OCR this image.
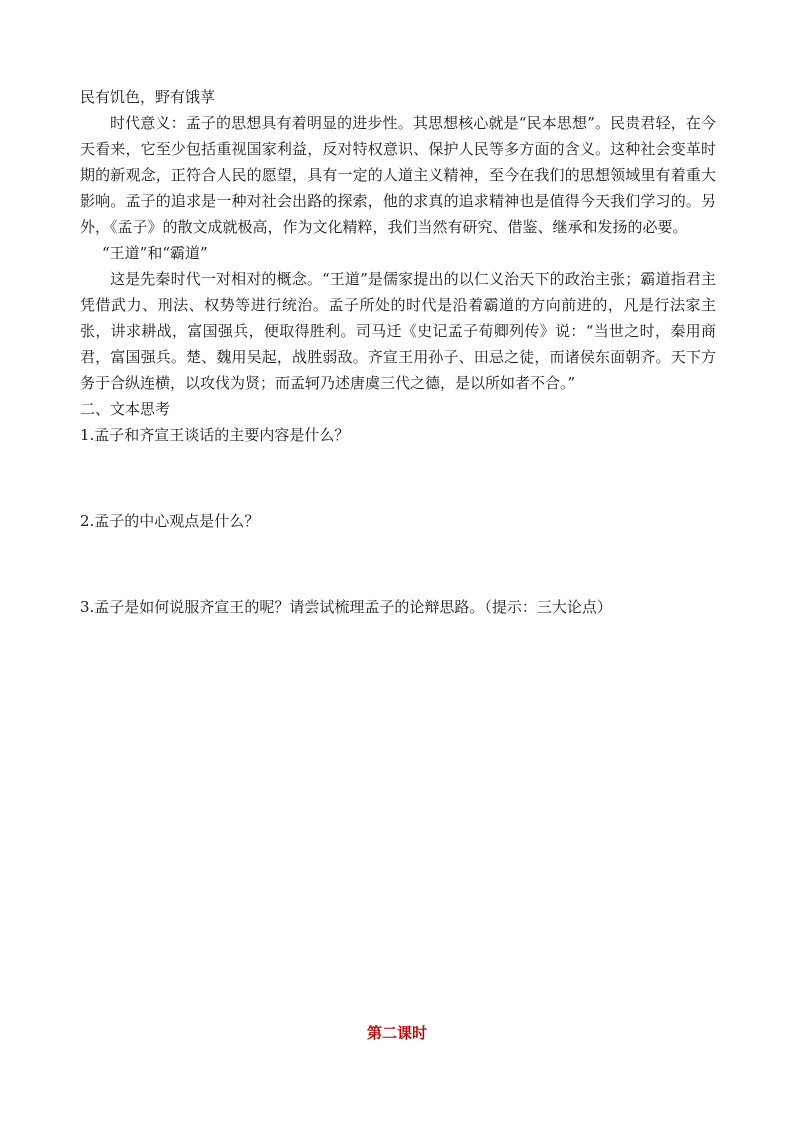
民有饥色，野有饿莩

时代意义：孟子的思想具有着明显的进步性。其思想核心就是“民本思想”。民贵君轻，在今天看来，它至少包括重视国家利益，反对特权意识、保护人民等多方面的含义。这种社会变革时期的新观念，正符合人民的愿望，具有一定的人道主义精神，至今在我们的思想领域里有着重大影响。孟子的追求是一种对社会出路的探索，他的求真的追求精神也是值得今天我们学习的。另外，《孟子》的散文成就极高，作为文化精粹，我们当然有研究、借鉴、继承和发扬的必要。

“王道”和“霸道”

这是先秦时代一对相对的概念。“王道”是儒家提出的以仁义治天下的政治主张；霸道指君主凭借武力、刑法、权势等进行统治。孟子所处的时代是沿着霸道的方向前进的，凡是行法家主张，讲求耕战，富国强兵，便取得胜利。司马迁《史记孟子荀卿列传》说：“当世之时，秦用商君，富国强兵。楚、魏用吴起，战胜弱敌。齐宣王用孙子、田忌之徒，而诸侯东面朝齐。天下方务于合纵连横，以攻伐为贤；而孟轲乃述唐虞三代之德，是以所如者不合。”

二、文本思考

1.孟子和齐宣王谈话的主要内容是什么？

2.孟子的中心观点是什么？

3.孟子是如何说服齐宣王的呢？请尝试梳理孟子的论辩思路。（提示：三大论点）

第二课时
